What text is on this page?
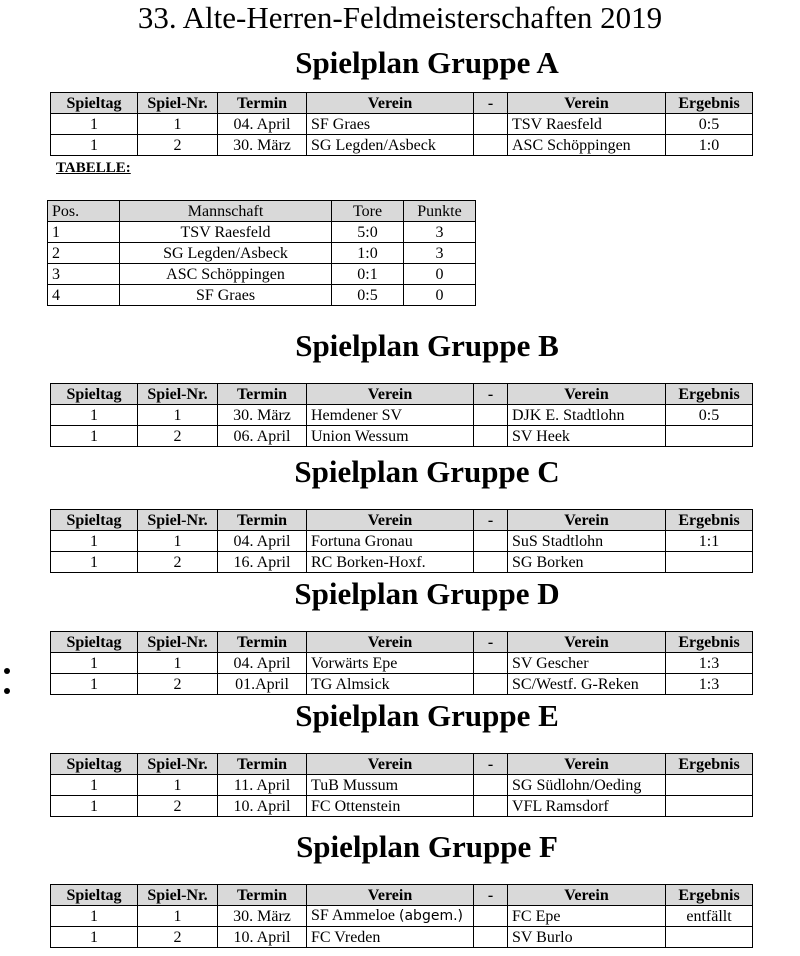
33. Alte-Herren-Feldmeisterschaften 2019
Spielplan Gruppe A
Spieltag	Spiel-Nr.	Termin	Verein	-	Verein	Ergebnis
1	1	04. April	SF Graes		TSV Raesfeld	0:5
1	2	30. März	SG Legden/Asbeck		ASC Schöppingen	1:0
TABELLE:
Pos.	Mannschaft	Tore	Punkte
1	TSV Raesfeld	5:0	3
2	SG Legden/Asbeck	1:0	3
3	ASC Schöppingen	0:1	0
4	SF Graes	0:5	0
Spielplan Gruppe B
Spieltag	Spiel-Nr.	Termin	Verein	-	Verein	Ergebnis
1	1	30. März	Hemdener SV		DJK E. Stadtlohn	0:5
1	2	06. April	Union Wessum		SV Heek	
Spielplan Gruppe C
Spieltag	Spiel-Nr.	Termin	Verein	-	Verein	Ergebnis
1	1	04. April	Fortuna Gronau		SuS Stadtlohn	1:1
1	2	16. April	RC Borken-Hoxf.		SG Borken	
Spielplan Gruppe D
Spieltag	Spiel-Nr.	Termin	Verein	-	Verein	Ergebnis
1	1	04. April	Vorwärts Epe		SV Gescher	1:3
1	2	01.April	TG Almsick		SC/Westf. G-Reken	1:3
Spielplan Gruppe E
Spieltag	Spiel-Nr.	Termin	Verein	-	Verein	Ergebnis
1	1	11. April	TuB Mussum		SG Südlohn/Oeding	
1	2	10. April	FC Ottenstein		VFL Ramsdorf	
Spielplan Gruppe F
Spieltag	Spiel-Nr.	Termin	Verein	-	Verein	Ergebnis
1	1	30. März	SF Ammeloe (abgem.)		FC Epe	entfällt
1	2	10. April	FC Vreden		SV Burlo	
